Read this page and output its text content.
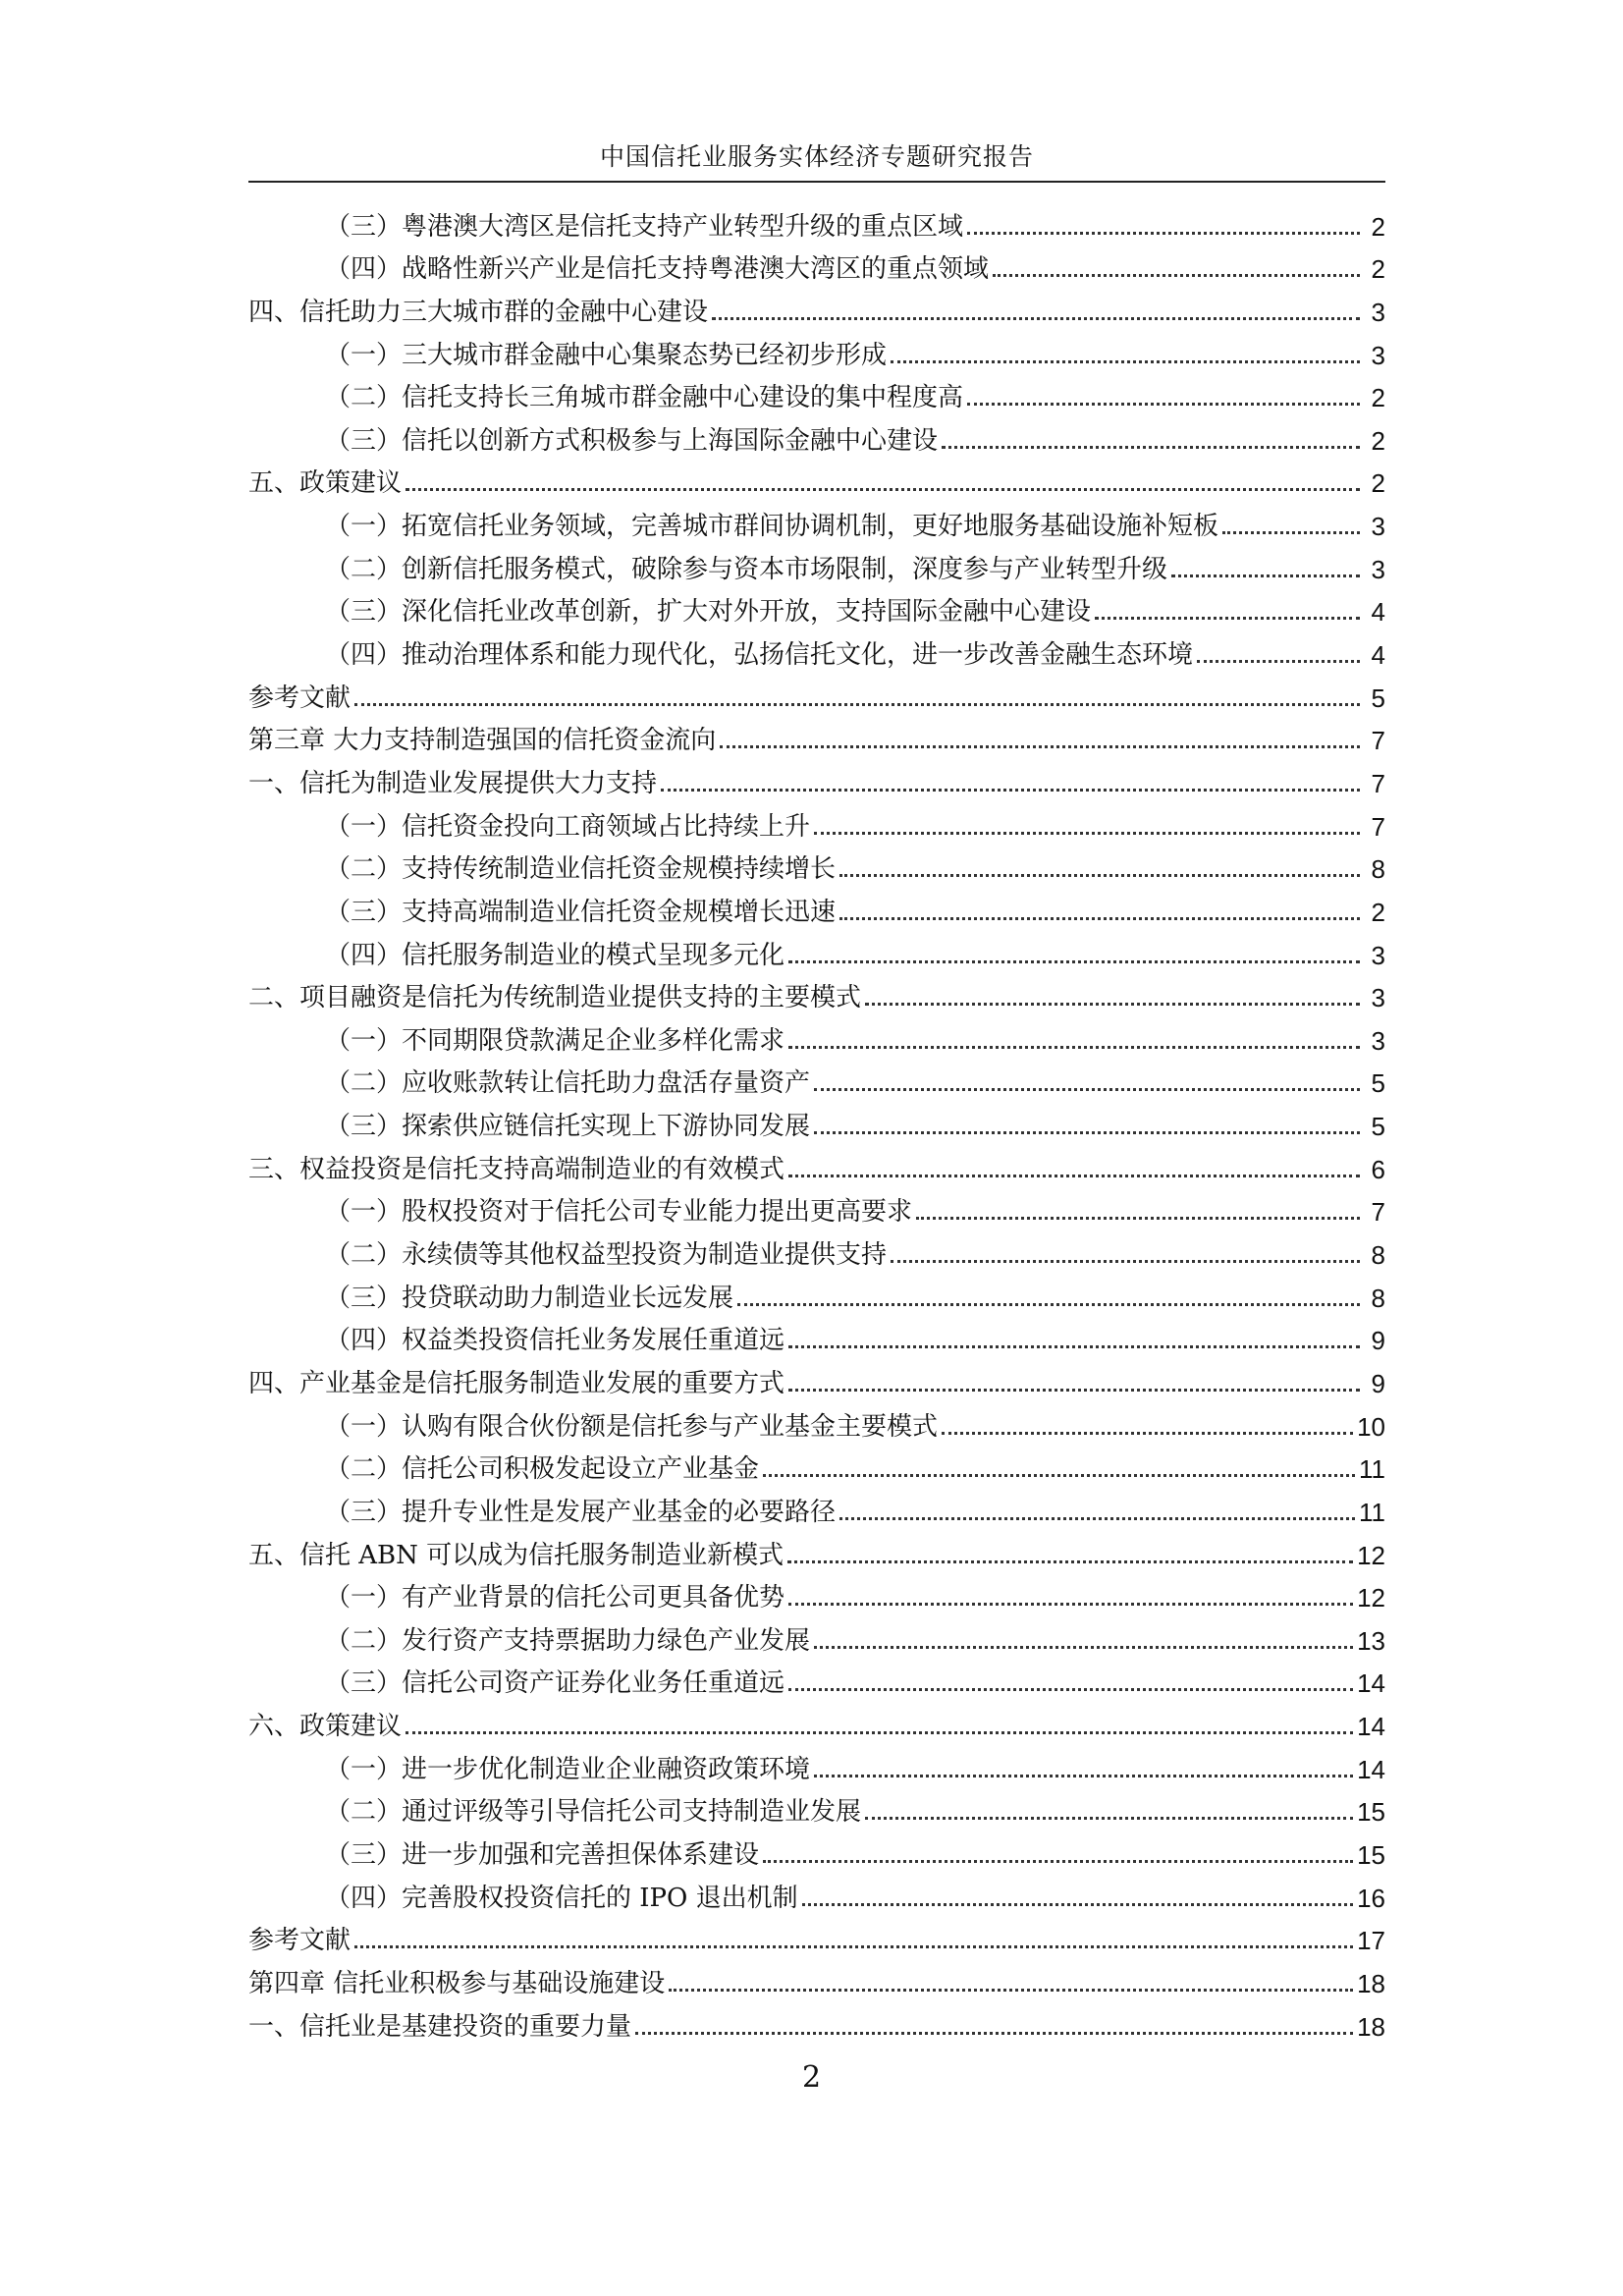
中国信托业服务实体经济专题研究报告
（三）粤港澳大湾区是信托支持产业转型升级的重点区域	2
（四）战略性新兴产业是信托支持粤港澳大湾区的重点领域	2
四、信托助力三大城市群的金融中心建设	3
（一）三大城市群金融中心集聚态势已经初步形成	3
（二）信托支持长三角城市群金融中心建设的集中程度高	2
（三）信托以创新方式积极参与上海国际金融中心建设	2
五、政策建议	2
（一）拓宽信托业务领域，完善城市群间协调机制，更好地服务基础设施补短板	3
（二）创新信托服务模式，破除参与资本市场限制，深度参与产业转型升级	3
（三）深化信托业改革创新，扩大对外开放，支持国际金融中心建设	4
（四）推动治理体系和能力现代化，弘扬信托文化，进一步改善金融生态环境	4
参考文献	5
第三章 大力支持制造强国的信托资金流向	7
一、信托为制造业发展提供大力支持	7
（一）信托资金投向工商领域占比持续上升	7
（二）支持传统制造业信托资金规模持续增长	8
（三）支持高端制造业信托资金规模增长迅速	2
（四）信托服务制造业的模式呈现多元化	3
二、项目融资是信托为传统制造业提供支持的主要模式	3
（一）不同期限贷款满足企业多样化需求	3
（二）应收账款转让信托助力盘活存量资产	5
（三）探索供应链信托实现上下游协同发展	5
三、权益投资是信托支持高端制造业的有效模式	6
（一）股权投资对于信托公司专业能力提出更高要求	7
（二）永续债等其他权益型投资为制造业提供支持	8
（三）投贷联动助力制造业长远发展	8
（四）权益类投资信托业务发展任重道远	9
四、产业基金是信托服务制造业发展的重要方式	9
（一）认购有限合伙份额是信托参与产业基金主要模式	10
（二）信托公司积极发起设立产业基金	11
（三）提升专业性是发展产业基金的必要路径	11
五、信托 ABN 可以成为信托服务制造业新模式	12
（一）有产业背景的信托公司更具备优势	12
（二）发行资产支持票据助力绿色产业发展	13
（三）信托公司资产证券化业务任重道远	14
六、政策建议	14
（一）进一步优化制造业企业融资政策环境	14
（二）通过评级等引导信托公司支持制造业发展	15
（三）进一步加强和完善担保体系建设	15
（四）完善股权投资信托的 IPO 退出机制	16
参考文献	17
第四章 信托业积极参与基础设施建设	18
一、信托业是基建投资的重要力量	18
2
